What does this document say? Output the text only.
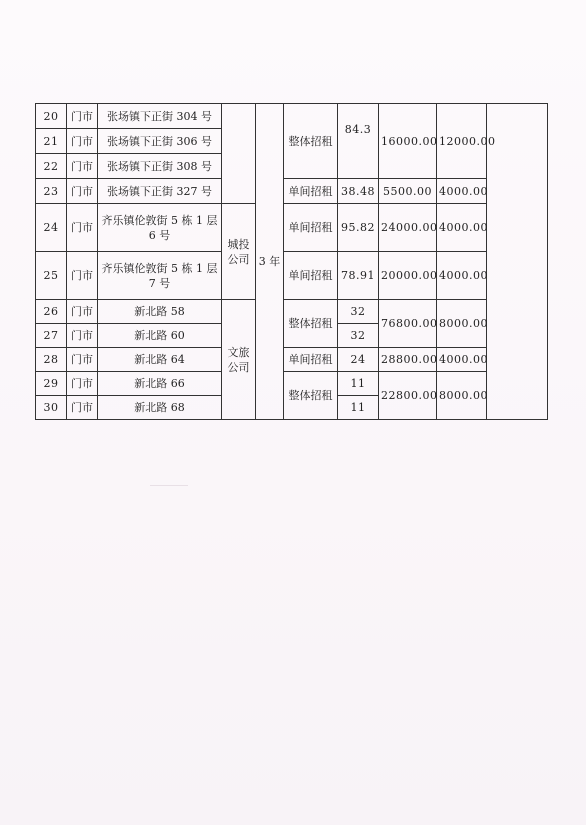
20	门市	张场镇下正街 304 号		3 年	整体招租	84.3	16000.00	12000.00	
21	门市	张场镇下正街 306 号							
22	门市	张场镇下正街 308 号							
23	门市	张场镇下正街 327 号			单间招租	38.48	5500.00	4000.00	
24	门市	齐乐镇伦敦街 5 栋 1 层 6 号	城投公司		单间招租	95.82	24000.00	4000.00	
25	门市	齐乐镇伦敦街 5 栋 1 层 7 号			单间招租	78.91	20000.00	4000.00	
26	门市	新北路 58	文旅公司		整体招租	32	76800.00	8000.00	
27	门市	新北路 60				32			
28	门市	新北路 64			单间招租	24	28800.00	4000.00	
29	门市	新北路 66			整体招租	11	22800.00	8000.00	
30	门市	新北路 68				11			
